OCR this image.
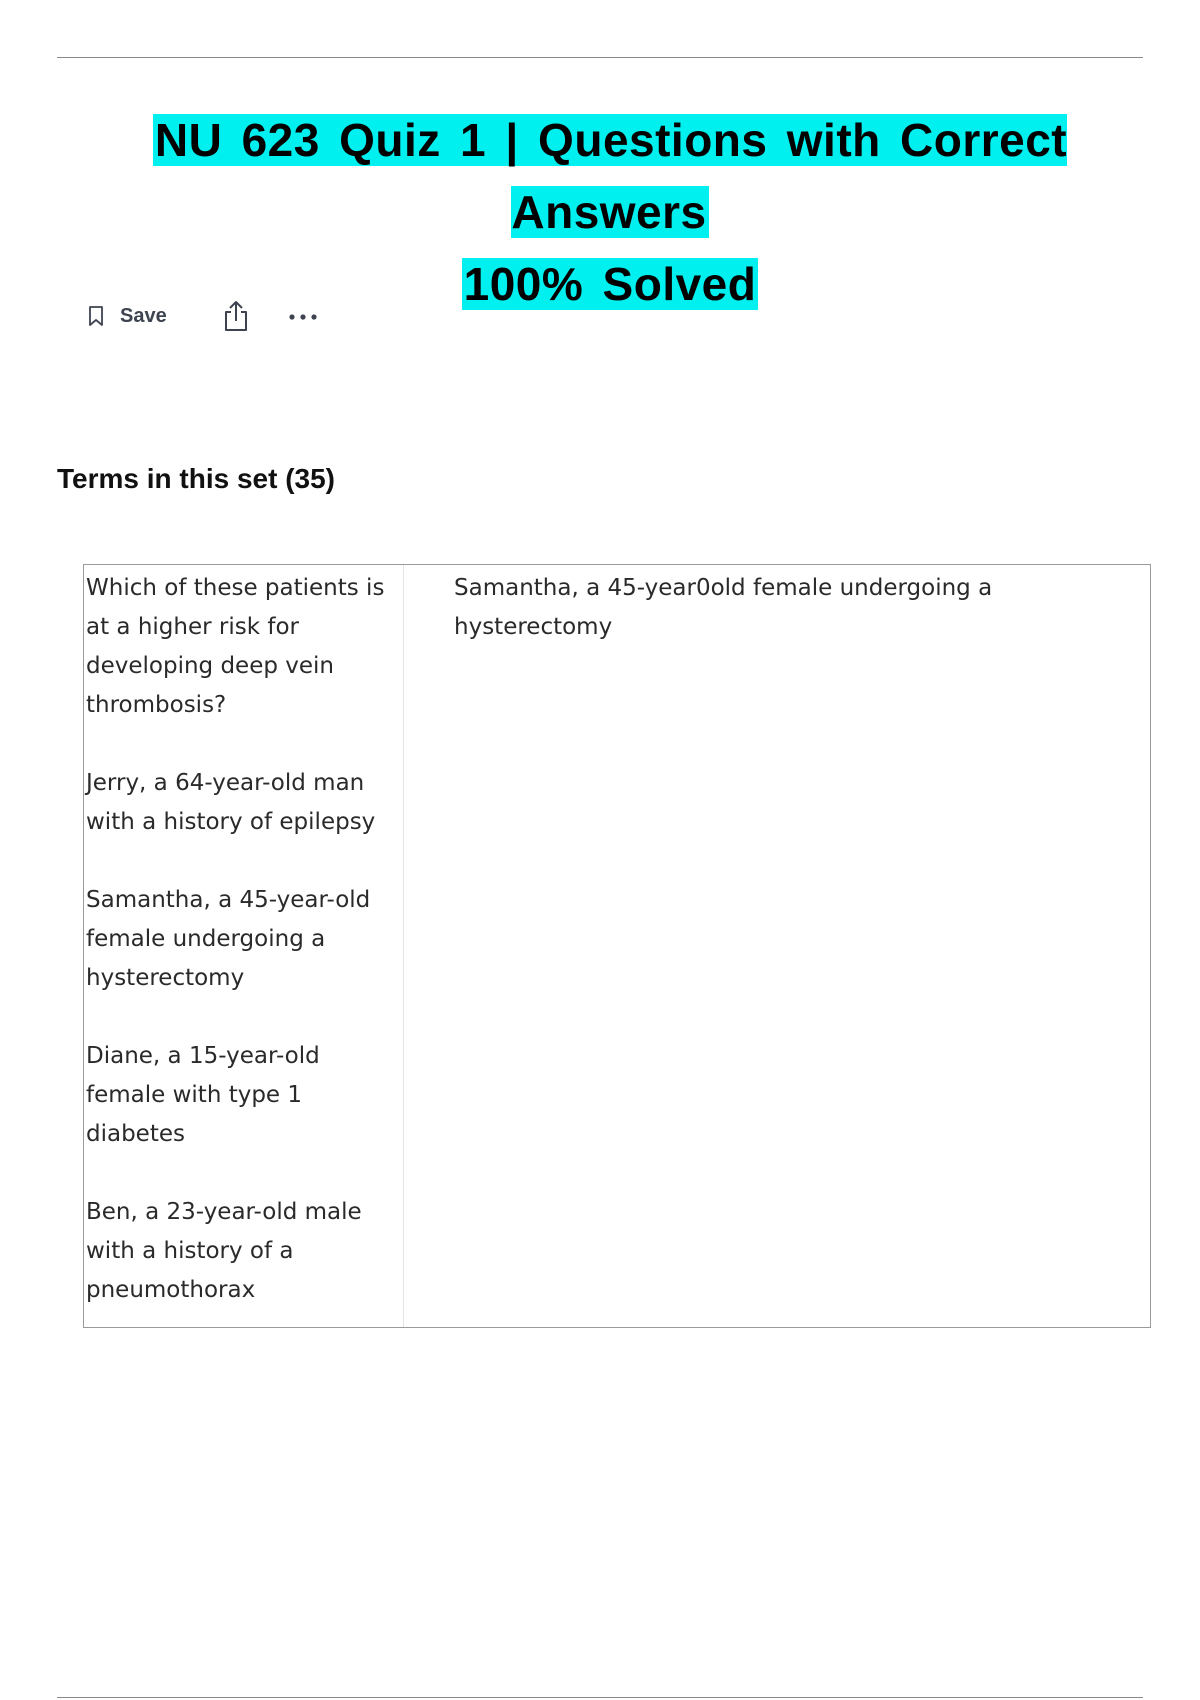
NU 623 Quiz 1 | Questions with Correct Answers
100% Solved
Save
Terms in this set (35)

Which of these patients is
at a higher risk for
developing deep vein
thrombosis?

Jerry, a 64-year-old man
with a history of epilepsy

Samantha, a 45-year-old
female undergoing a
hysterectomy

Diane, a 15-year-old
female with type 1
diabetes

Ben, a 23-year-old male
with a history of a
pneumothorax

Samantha, a 45-year0old female undergoing a
hysterectomy
